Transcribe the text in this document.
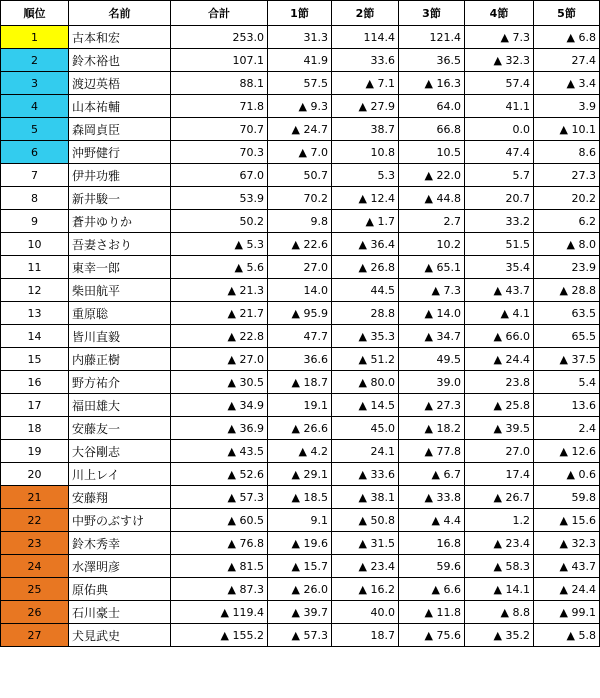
順位	名前	合計	1節	2節	3節	4節	5節
1	古本和宏	253.0	31.3	114.4	121.4	▲ 7.3	▲ 6.8
2	鈴木裕也	107.1	41.9	33.6	36.5	▲ 32.3	27.4
3	渡辺英梧	88.1	57.5	▲ 7.1	▲ 16.3	57.4	▲ 3.4
4	山本祐輔	71.8	▲ 9.3	▲ 27.9	64.0	41.1	3.9
5	森岡貞臣	70.7	▲ 24.7	38.7	66.8	0.0	▲ 10.1
6	沖野健行	70.3	▲ 7.0	10.8	10.5	47.4	8.6
7	伊井功雅	67.0	50.7	5.3	▲ 22.0	5.7	27.3
8	新井駿一	53.9	70.2	▲ 12.4	▲ 44.8	20.7	20.2
9	蒼井ゆりか	50.2	9.8	▲ 1.7	2.7	33.2	6.2
10	吾妻さおり	▲ 5.3	▲ 22.6	▲ 36.4	10.2	51.5	▲ 8.0
11	東幸一郎	▲ 5.6	27.0	▲ 26.8	▲ 65.1	35.4	23.9
12	柴田航平	▲ 21.3	14.0	44.5	▲ 7.3	▲ 43.7	▲ 28.8
13	重原聡	▲ 21.7	▲ 95.9	28.8	▲ 14.0	▲ 4.1	63.5
14	皆川直毅	▲ 22.8	47.7	▲ 35.3	▲ 34.7	▲ 66.0	65.5
15	内藤正樹	▲ 27.0	36.6	▲ 51.2	49.5	▲ 24.4	▲ 37.5
16	野方祐介	▲ 30.5	▲ 18.7	▲ 80.0	39.0	23.8	5.4
17	福田雄大	▲ 34.9	19.1	▲ 14.5	▲ 27.3	▲ 25.8	13.6
18	安藤友一	▲ 36.9	▲ 26.6	45.0	▲ 18.2	▲ 39.5	2.4
19	大谷剛志	▲ 43.5	▲ 4.2	24.1	▲ 77.8	27.0	▲ 12.6
20	川上レイ	▲ 52.6	▲ 29.1	▲ 33.6	▲ 6.7	17.4	▲ 0.6
21	安藤翔	▲ 57.3	▲ 18.5	▲ 38.1	▲ 33.8	▲ 26.7	59.8
22	中野のぶすけ	▲ 60.5	9.1	▲ 50.8	▲ 4.4	1.2	▲ 15.6
23	鈴木秀幸	▲ 76.8	▲ 19.6	▲ 31.5	16.8	▲ 23.4	▲ 32.3
24	水澤明彦	▲ 81.5	▲ 15.7	▲ 23.4	59.6	▲ 58.3	▲ 43.7
25	原佑典	▲ 87.3	▲ 26.0	▲ 16.2	▲ 6.6	▲ 14.1	▲ 24.4
26	石川豪士	▲ 119.4	▲ 39.7	40.0	▲ 11.8	▲ 8.8	▲ 99.1
27	犬見武史	▲ 155.2	▲ 57.3	18.7	▲ 75.6	▲ 35.2	▲ 5.8
